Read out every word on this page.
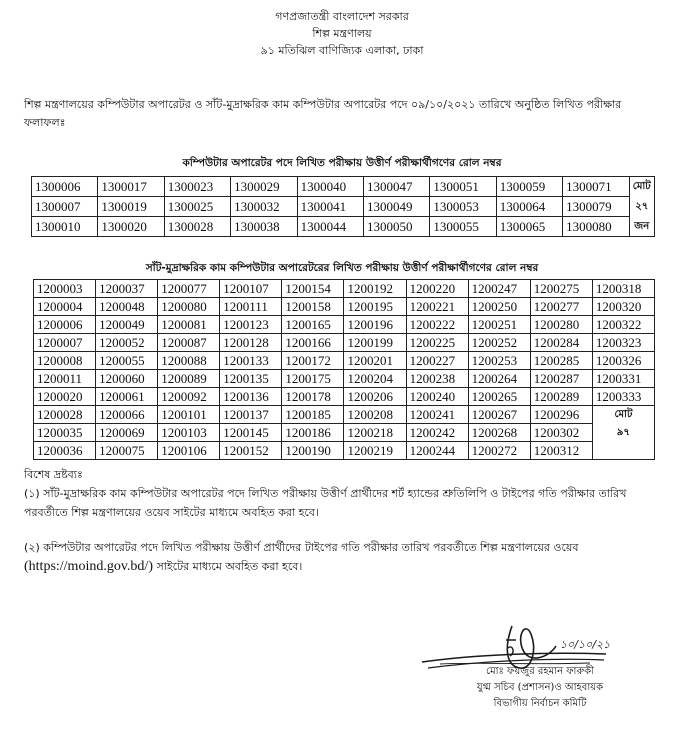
গণপ্রজাতন্ত্রী বাংলাদেশ সরকার
শিল্প মন্ত্রণালয়
৯১ মতিঝিল বাণিজ্যিক এলাকা, ঢাকা
শিল্প মন্ত্রণালয়ের কম্পিউটার অপারেটর ও সাঁট-মুদ্রাক্ষরিক কাম কম্পিউটার অপারেটর পদে ০৯/১০/২০২১ তারিখে অনুষ্ঠিত লিখিত পরীক্ষার ফলাফলঃ
কম্পিউটার অপারেটর পদে লিখিত পরীক্ষায় উত্তীর্ণ পরীক্ষার্থীগণের রোল নম্বর
1300006	1300017	1300023	1300029	1300040	1300047	1300051	1300059	1300071	মোট
1300007	1300019	1300025	1300032	1300041	1300049	1300053	1300064	1300079	২৭
1300010	1300020	1300028	1300038	1300044	1300050	1300055	1300065	1300080	জন
সাঁট-মুদ্রাক্ষরিক কাম কম্পিউটার অপারেটরের লিখিত পরীক্ষায় উত্তীর্ণ পরীক্ষার্থীগণের রোল নম্বর
1200003	1200037	1200077	1200107	1200154	1200192	1200220	1200247	1200275	1200318
1200004	1200048	1200080	1200111	1200158	1200195	1200221	1200250	1200277	1200320
1200006	1200049	1200081	1200123	1200165	1200196	1200222	1200251	1200280	1200322
1200007	1200052	1200087	1200128	1200166	1200199	1200225	1200252	1200284	1200323
1200008	1200055	1200088	1200133	1200172	1200201	1200227	1200253	1200285	1200326
1200011	1200060	1200089	1200135	1200175	1200204	1200238	1200264	1200287	1200331
1200020	1200061	1200092	1200136	1200178	1200206	1200240	1200265	1200289	1200333
1200028	1200066	1200101	1200137	1200185	1200208	1200241	1200267	1200296	মোট
1200035	1200069	1200103	1200145	1200186	1200218	1200242	1200268	1200302	৯৭
1200036	1200075	1200106	1200152	1200190	1200219	1200244	1200272	1200312	
বিশেষ দ্রষ্টব্যঃ
(১) সাঁট-মুদ্রাক্ষরিক কাম কম্পিউটার অপারেটর পদে লিখিত পরীক্ষায় উত্তীর্ণ প্রার্থীদের শর্ট হ্যান্ডের শ্রুতিলিপি ও টাইপের গতি পরীক্ষার তারিখ পরবর্তীতে শিল্প মন্ত্রণালয়ের ওয়েব সাইটের মাধ্যমে অবহিত করা হবে।
(২) কম্পিউটার অপারেটর পদে লিখিত পরীক্ষায় উত্তীর্ণ প্রার্থীদের টাইপের গতি পরীক্ষার তারিখ পরবর্তীতে শিল্প মন্ত্রণালয়ের ওয়েব
(https://moind.gov.bd/) সাইটের মাধ্যমে অবহিত করা হবে।
১০/১০/২১
মোঃ ফয়জুর রহমান ফারুকী
যুগ্ম সচিব (প্রশাসন)ও আহবায়ক
বিভাগীয় নির্বাচন কমিটি
